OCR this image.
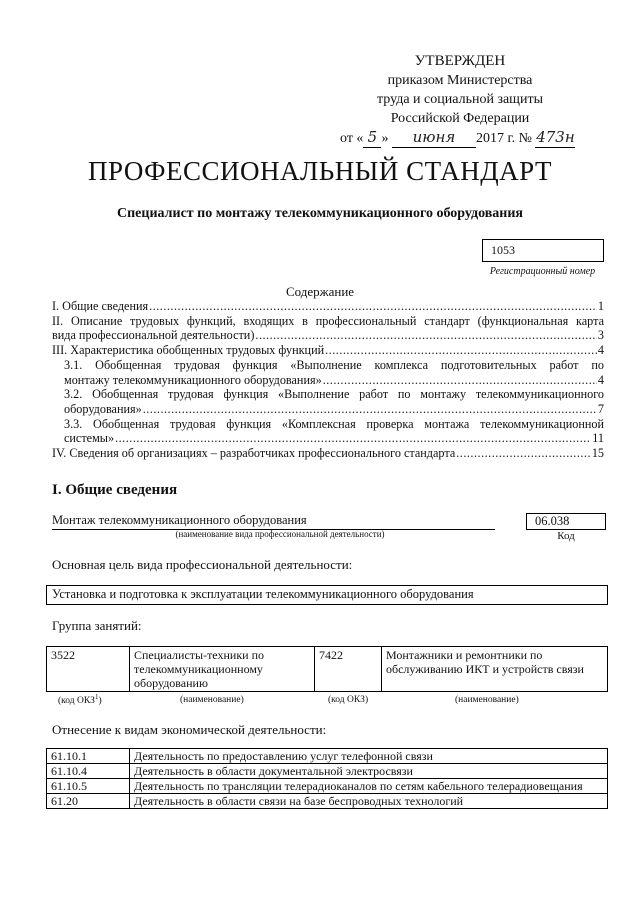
УТВЕРЖДЕН
приказом Министерства
труда и социальной защиты
Российской Федерации
от « 5 » июня 2017 г. № 473н
ПРОФЕССИОНАЛЬНЫЙ СТАНДАРТ
Специалист по монтажу телекоммуникационного оборудования
1053
Регистрационный номер
Содержание
I. Общие сведения .....	1
II. Описание трудовых функций, входящих в профессиональный стандарт (функциональная карта
вида профессиональной деятельности) .....	3
III. Характеристика обобщенных трудовых функций .....	4
3.1. Обобщенная трудовая функция «Выполнение комплекса подготовительных работ по
монтажу телекоммуникационного оборудования» .....	4
3.2. Обобщенная трудовая функция «Выполнение работ по монтажу телекоммуникационного
оборудования» .....	7
3.3. Обобщенная трудовая функция «Комплексная проверка монтажа телекоммуникационной
системы» .....	11
IV. Сведения об организациях – разработчиках профессионального стандарта .....	15
I. Общие сведения
Монтаж телекоммуникационного оборудования
(наименование вида профессиональной деятельности)
06.038
Код
Основная цель вида профессиональной деятельности:
Установка и подготовка к эксплуатации телекоммуникационного оборудования
Группа занятий:
3522	Специалисты-техники по телекоммуникационному оборудованию	7422	Монтажники и ремонтники по обслуживанию ИКТ и устройств связи
(код ОКЗ$^1$)	(наименование)	(код ОКЗ)	(наименование)
Отнесение к видам экономической деятельности:
61.10.1	Деятельность по предоставлению услуг телефонной связи
61.10.4	Деятельность в области документальной электросвязи
61.10.5	Деятельность по трансляции телерадиоканалов по сетям кабельного телерадиовещания
61.20	Деятельность в области связи на базе беспроводных технологий
